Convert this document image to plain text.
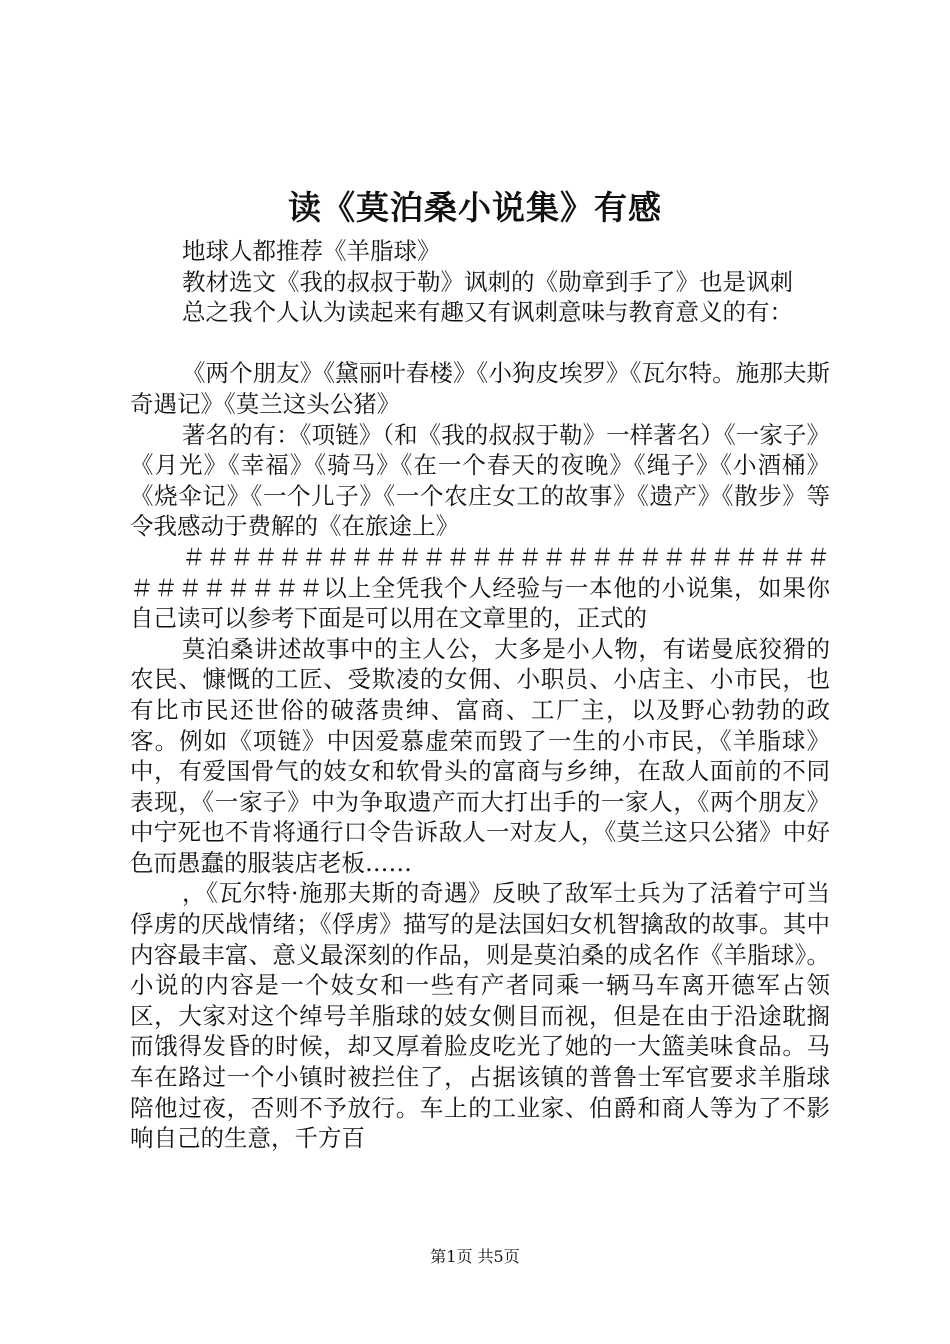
读《莫泊桑小说集》有感

地球人都推荐《羊脂球》

教材选文《我的叔叔于勒》讽刺的《勋章到手了》也是讽刺

总之我个人认为读起来有趣又有讽刺意味与教育意义的有：

《两个朋友》《黛丽叶春楼》《小狗皮埃罗》《瓦尔特。施那夫斯奇遇记》《莫兰这头公猪》

著名的有：《项链》（和《我的叔叔于勒》一样著名）《一家子》《月光》《幸福》《骑马》《在一个春天的夜晚》《绳子》《小酒桶》《烧伞记》《一个儿子》《一个农庄女工的故事》《遗产》《散步》等令我感动于费解的《在旅途上》

＃＃＃＃＃＃＃＃＃＃＃＃＃＃＃＃＃＃＃＃＃＃＃＃＃＃＃＃＃＃＃＃＃＃＃以上全凭我个人经验与一本他的小说集，如果你自己读可以参考下面是可以用在文章里的，正式的

莫泊桑讲述故事中的主人公，大多是小人物，有诺曼底狡猾的农民、慷慨的工匠、受欺凌的女佣、小职员、小店主、小市民，也有比市民还世俗的破落贵绅、富商、工厂主，以及野心勃勃的政客。例如《项链》中因爱慕虚荣而毁了一生的小市民，《羊脂球》中，有爱国骨气的妓女和软骨头的富商与乡绅，在敌人面前的不同表现，《一家子》中为争取遗产而大打出手的一家人，《两个朋友》中宁死也不肯将通行口令告诉敌人一对友人，《莫兰这只公猪》中好色而愚蠢的服装店老板……

，《瓦尔特·施那夫斯的奇遇》反映了敌军士兵为了活着宁可当俘虏的厌战情绪；《俘虏》描写的是法国妇女机智擒敌的故事。其中内容最丰富、意义最深刻的作品，则是莫泊桑的成名作《羊脂球》。小说的内容是一个妓女和一些有产者同乘一辆马车离开德军占领区，大家对这个绰号羊脂球的妓女侧目而视，但是在由于沿途耽搁而饿得发昏的时候，却又厚着脸皮吃光了她的一大篮美味食品。马车在路过一个小镇时被拦住了，占据该镇的普鲁士军官要求羊脂球陪他过夜，否则不予放行。车上的工业家、伯爵和商人等为了不影响自己的生意，千方百

第1页 共5页
